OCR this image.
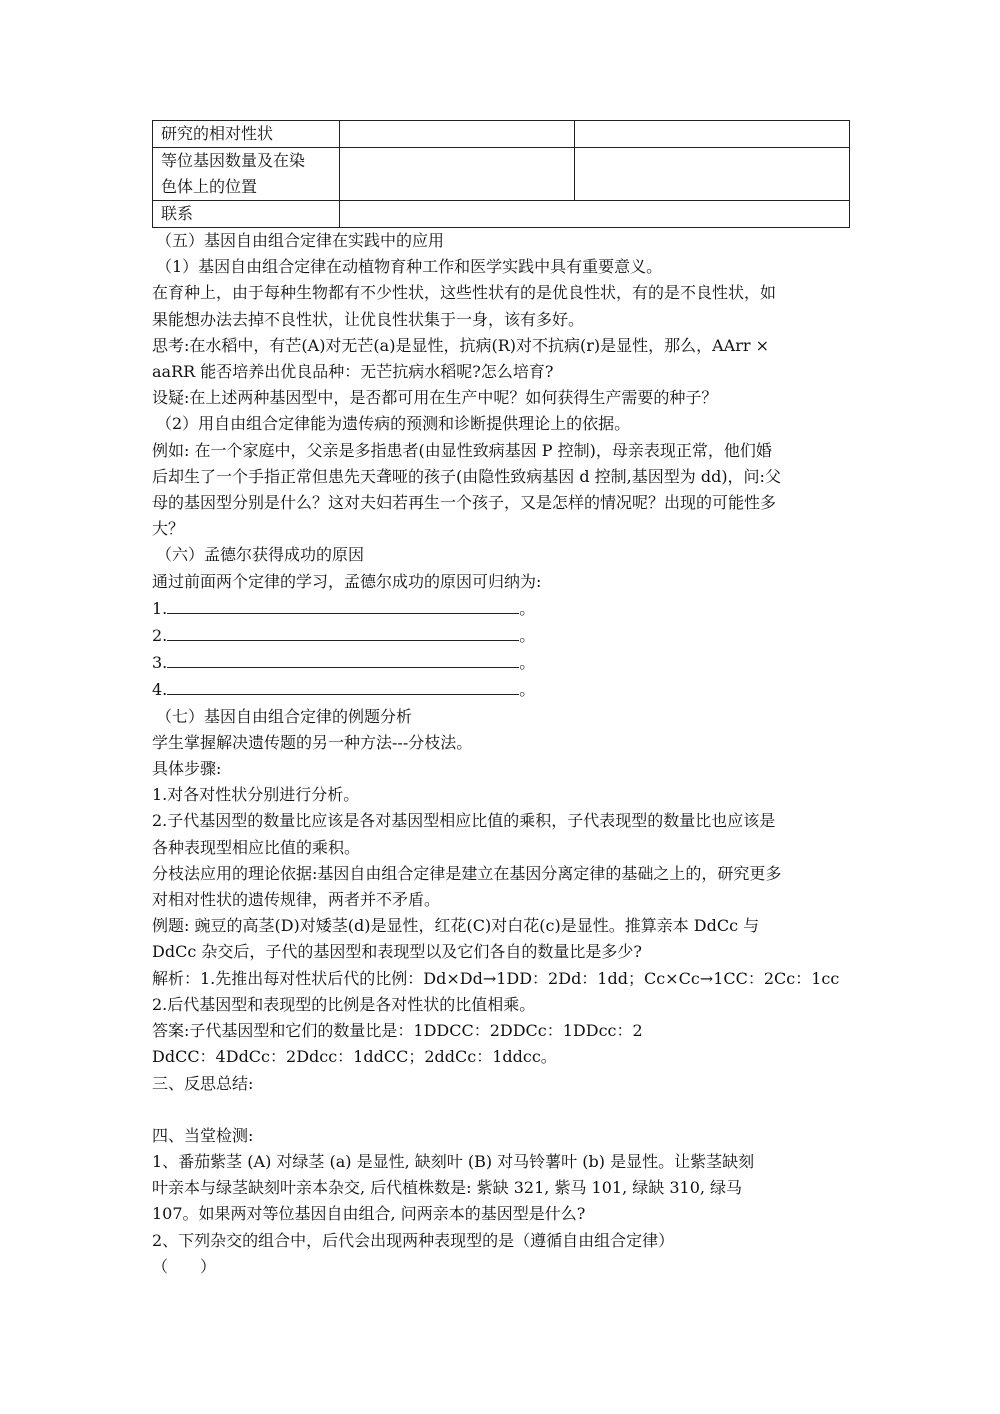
研究的相对性状		

等位基因数量及在染
色体上的位置		

联系		

（五）基因自由组合定律在实践中的应用

（1）基因自由组合定律在动植物育种工作和医学实践中具有重要意义。

在育种上，由于每种生物都有不少性状，这些性状有的是优良性状，有的是不良性状，如

果能想办法去掉不良性状，让优良性状集于一身，该有多好。

思考:在水稻中，有芒(A)对无芒(a)是显性，抗病(R)对不抗病(r)是显性，那么，AArr ×

aaRR 能否培养出优良品种：无芒抗病水稻呢?怎么培育?

设疑:在上述两种基因型中，是否都可用在生产中呢？如何获得生产需要的种子？

（2）用自由组合定律能为遗传病的预测和诊断提供理论上的依据。

例如: 在一个家庭中，父亲是多指患者(由显性致病基因 P 控制)，母亲表现正常，他们婚

后却生了一个手指正常但患先天聋哑的孩子(由隐性致病基因 d 控制,基因型为 dd)，问:父

母的基因型分别是什么？这对夫妇若再生一个孩子，又是怎样的情况呢？出现的可能性多

大？

（六）孟德尔获得成功的原因

通过前面两个定律的学习，孟德尔成功的原因可归纳为:

1.	。

2.	。

3.	。

4.	。

（七）基因自由组合定律的例题分析

学生掌握解决遗传题的另一种方法---分枝法。

具体步骤:

1.对各对性状分别进行分析。

2.子代基因型的数量比应该是各对基因型相应比值的乘积，子代表现型的数量比也应该是

各种表现型相应比值的乘积。

分枝法应用的理论依据:基因自由组合定律是建立在基因分离定律的基础之上的，研究更多

对相对性状的遗传规律，两者并不矛盾。

例题: 豌豆的高茎(D)对矮茎(d)是显性，红花(C)对白花(c)是显性。推算亲本 DdCc 与

DdCc 杂交后，子代的基因型和表现型以及它们各自的数量比是多少?

解析：1.先推出每对性状后代的比例：Dd×Dd→1DD：2Dd：1dd；Cc×Cc→1CC：2Cc：1cc

2.后代基因型和表现型的比例是各对性状的比值相乘。

答案:子代基因型和它们的数量比是：1DDCC：2DDCc：1DDcc：2

DdCC：4DdCc：2Ddcc：1ddCC；2ddCc：1ddcc。

三、反思总结:

四、当堂检测:

1、番茄紫茎 (A) 对绿茎 (a) 是显性, 缺刻叶 (B) 对马铃薯叶 (b) 是显性。让紫茎缺刻

叶亲本与绿茎缺刻叶亲本杂交, 后代植株数是: 紫缺 321, 紫马 101, 绿缺 310, 绿马

107。如果两对等位基因自由组合, 问两亲本的基因型是什么?

2、下列杂交的组合中，后代会出现两种表现型的是（遵循自由组合定律）

（　　）
